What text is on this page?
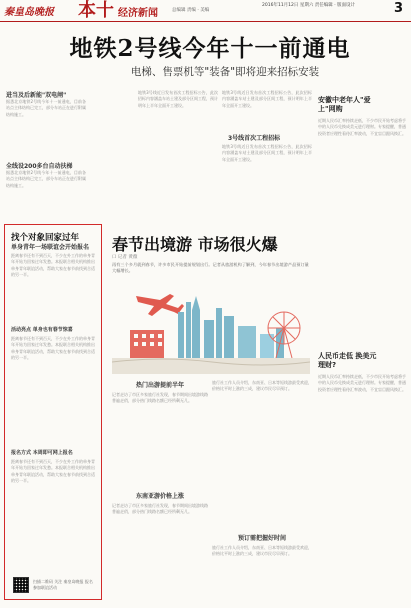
秦皇岛晚报 本十 经济新闻	总编辑 责编 · 美编
2016年11月12日 星期六 责任编辑 · 版面设计	3
地铁2号线今年十一前通电
电梯、售票机等"装备"即将迎来招标安装
进当及后新能"双电闸"
据悉北京地铁2号线今年十一前通电，目前各站点主体结构已完工，部分车站正在进行附属结构施工。
全线设200多台自动扶梯
据悉北京地铁2号线今年十一前通电，目前各站点主体结构已完工，部分车站正在进行附属结构施工。
地铁3号线近日发布首次工程招标公告，此次招标内容涵盖车站土建及部分区间工程，预计明年上半年全面开工建设。
地铁3号线近日发布首次工程招标公告，此次招标内容涵盖车站土建及部分区间工程，预计明年上半年全面开工建设。
3号线首次工程招标
地铁3号线近日发布首次工程招标公告，此次招标内容涵盖车站土建及部分区间工程，预计明年上半年全面开工建设。
安徽中老年人"爱上"网购
近期人民币汇率持续走低，不少市民开始考虑将手中的人民币兑换成美元进行理财。专家提醒，普通投资者应理性看待汇率波动，不宜盲目跟风换汇。
人民币走低 换美元理财?
近期人民币汇率持续走低，不少市民开始考虑将手中的人民币兑换成美元进行理财。专家提醒，普通投资者应理性看待汇率波动，不宜盲目跟风换汇。
找个对象回家过年
单身青年一场联谊会开始报名
距离春节还有不到百天，不少在外工作的单身青年开始为回家过年发愁。本报联合相关机构推出单身青年联谊活动，帮助大家在春节前找到合适的另一半。
活动亮点 单身也有春节惊喜
距离春节还有不到百天，不少在外工作的单身青年开始为回家过年发愁。本报联合相关机构推出单身青年联谊活动，帮助大家在春节前找到合适的另一半。
报名方式 本周即可网上报名
距离春节还有不到百天，不少在外工作的单身青年开始为回家过年发愁。本报联合相关机构推出单身青年联谊活动，帮助大家在春节前找到合适的另一半。
扫描二维码 关注 秦皇岛晚报 报名参加联谊活动
春节出境游 市场很火爆
口 记者 黄薇
再有三个多月就到春节，许多市民开始提前规划出行。记者从旅游机构了解到，今年春节出境游产品预订量大幅增长。
热门出游提前半年
记者走访了市区多家旅行社发现，春节期间出境游线路普遍走俏，部分热门线路名额已经所剩无几。
东南亚游价格上涨
记者走访了市区多家旅行社发现，春节期间出境游线路普遍走俏，部分热门线路名额已经所剩无几。
旅行社工作人员介绍，东南亚、日本等短线游最受欢迎，价格比平时上涨约三成，建议市民尽早预订。
预订需把握好时间
旅行社工作人员介绍，东南亚、日本等短线游最受欢迎，价格比平时上涨约三成，建议市民尽早预订。
